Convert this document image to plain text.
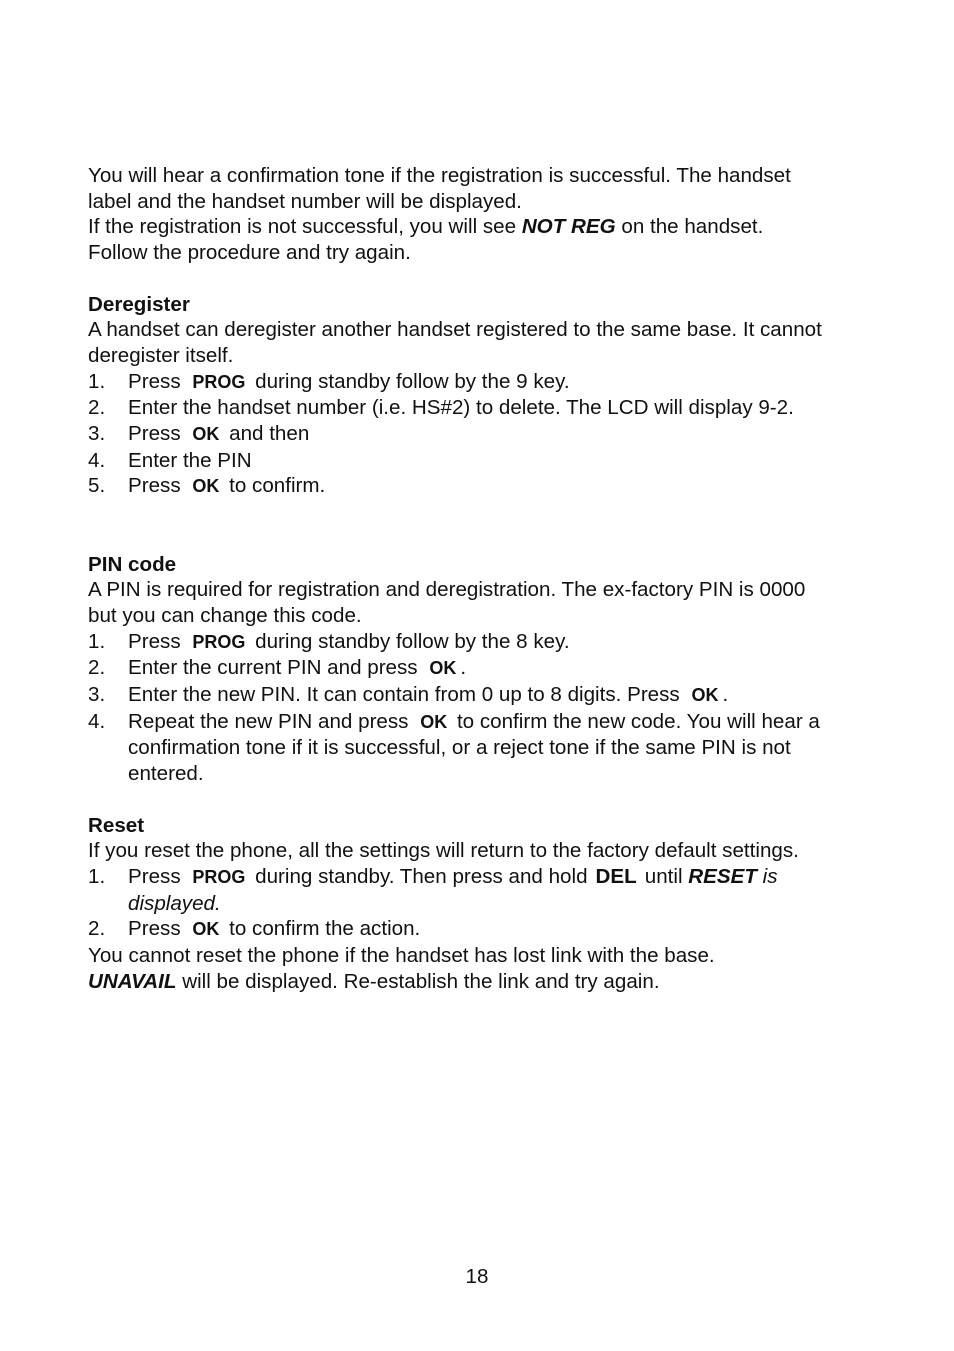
You will hear a confirmation tone if the registration is successful. The handset label and the handset number will be displayed.

If the registration is not successful, you will see NOT REG on the handset. Follow the procedure and try again.

Deregister

A handset can deregister another handset registered to the same base. It cannot deregister itself.

1. Press PROG during standby follow by the 9 key.
2. Enter the handset number (i.e. HS#2) to delete. The LCD will display 9-2.
3. Press OK and then
4. Enter the PIN
5. Press OK to confirm.
PIN code

A PIN is required for registration and deregistration. The ex-factory PIN is 0000 but you can change this code.

1. Press PROG during standby follow by the 8 key.
2. Enter the current PIN and press OK .
3. Enter the new PIN. It can contain from 0 up to 8 digits. Press OK .
4. Repeat the new PIN and press OK to confirm the new code. You will hear a confirmation tone if it is successful, or a reject tone if the same PIN is not entered.
Reset

If you reset the phone, all the settings will return to the factory default settings.

1. Press PROG during standby. Then press and hold DEL until RESET is displayed.
2. Press OK to confirm the action.

You cannot reset the phone if the handset has lost link with the base.

UNAVAIL will be displayed. Re-establish the link and try again.

18
